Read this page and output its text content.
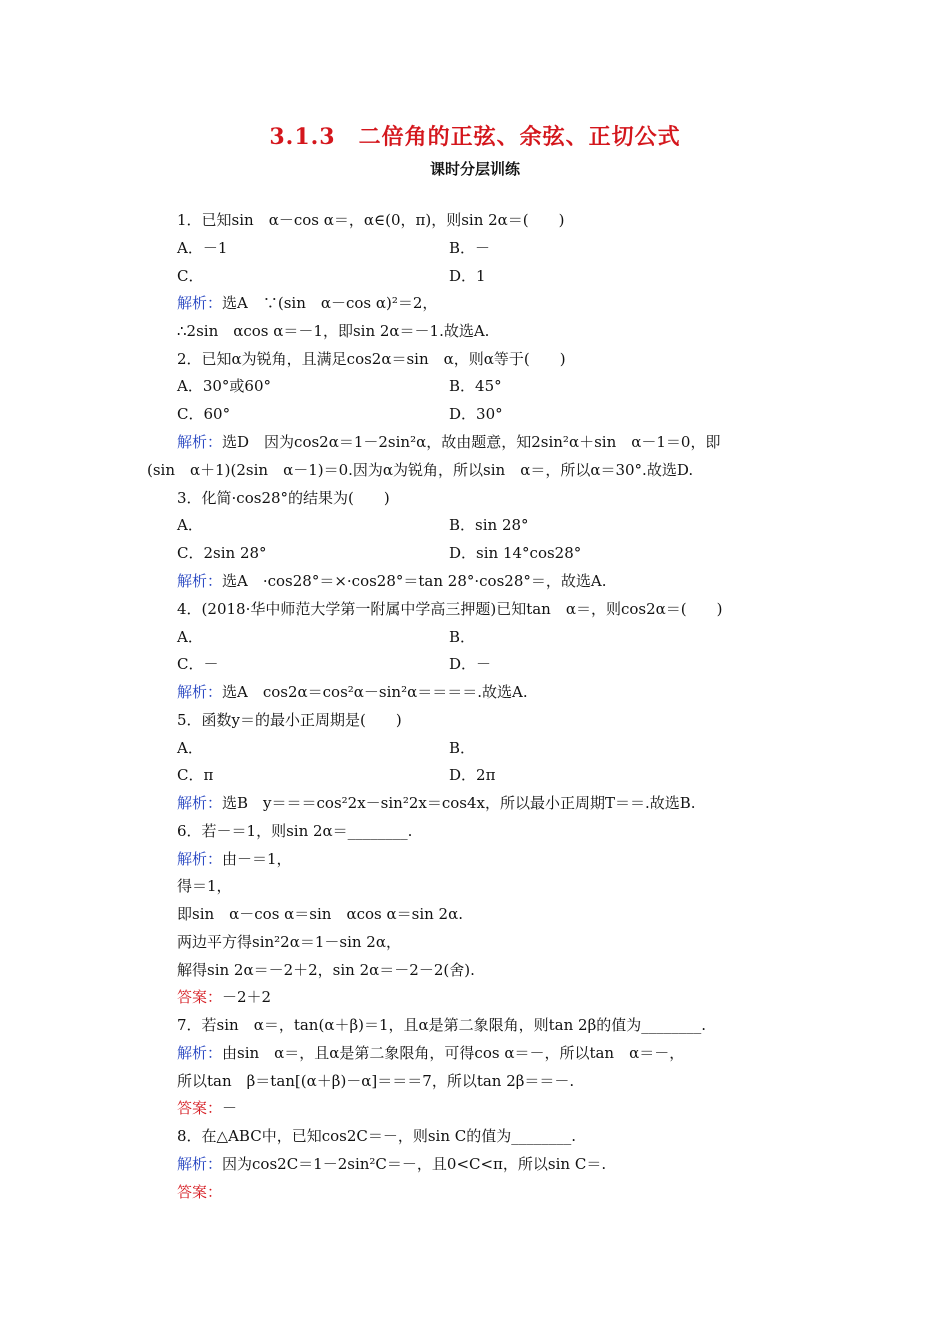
3.1.3　二倍角的正弦、余弦、正切公式
课时分层训练
1．已知sin　α－cos α＝，α∈(0，π)，则sin 2α＝(　　)
A．－1	B．－
C．	D．1
解析：选A　∵(sin　α－cos α)²＝2，
∴2sin　αcos α＝－1，即sin 2α＝－1.故选A.
2．已知α为锐角，且满足cos2α＝sin　α，则α等于(　　)
A．30°或60°	B．45°
C．60°	D．30°
解析：选D　因为cos2α＝1－2sin²α，故由题意，知2sin²α＋sin　α－1＝0，即
(sin　α＋1)(2sin　α－1)＝0.因为α为锐角，所以sin　α＝，所以α＝30°.故选D.
3．化简·cos28°的结果为(　　)
A．	B．sin 28°
C．2sin 28°	D．sin 14°cos28°
解析：选A　·cos28°＝×·cos28°＝tan 28°·cos28°＝，故选A.
4．(2018·华中师范大学第一附属中学高三押题)已知tan　α＝，则cos2α＝(　　)
A．	B．
C．－	D．－
解析：选A　cos2α＝cos²α－sin²α＝＝＝＝.故选A.
5．函数y＝的最小正周期是(　　)
A．	B．
C．π	D．2π
解析：选B　y＝＝＝cos²2x－sin²2x＝cos4x，所以最小正周期T＝＝.故选B.
6．若－＝1，则sin 2α＝________.
解析：由－＝1，
得＝1，
即sin　α－cos α＝sin　αcos α＝sin 2α.
两边平方得sin²2α＝1－sin 2α，
解得sin 2α＝－2＋2，sin 2α＝－2－2(舍).
答案：－2＋2
7．若sin　α＝，tan(α＋β)＝1，且α是第二象限角，则tan 2β的值为________.
解析：由sin　α＝，且α是第二象限角，可得cos α＝－，所以tan　α＝－，
所以tan　β＝tan[(α＋β)－α]＝＝＝7，所以tan 2β＝＝－.
答案：－
8．在△ABC中，已知cos2C＝－，则sin C的值为________.
解析：因为cos2C＝1－2sin²C＝－，且0<C<π，所以sin C＝.
答案：
